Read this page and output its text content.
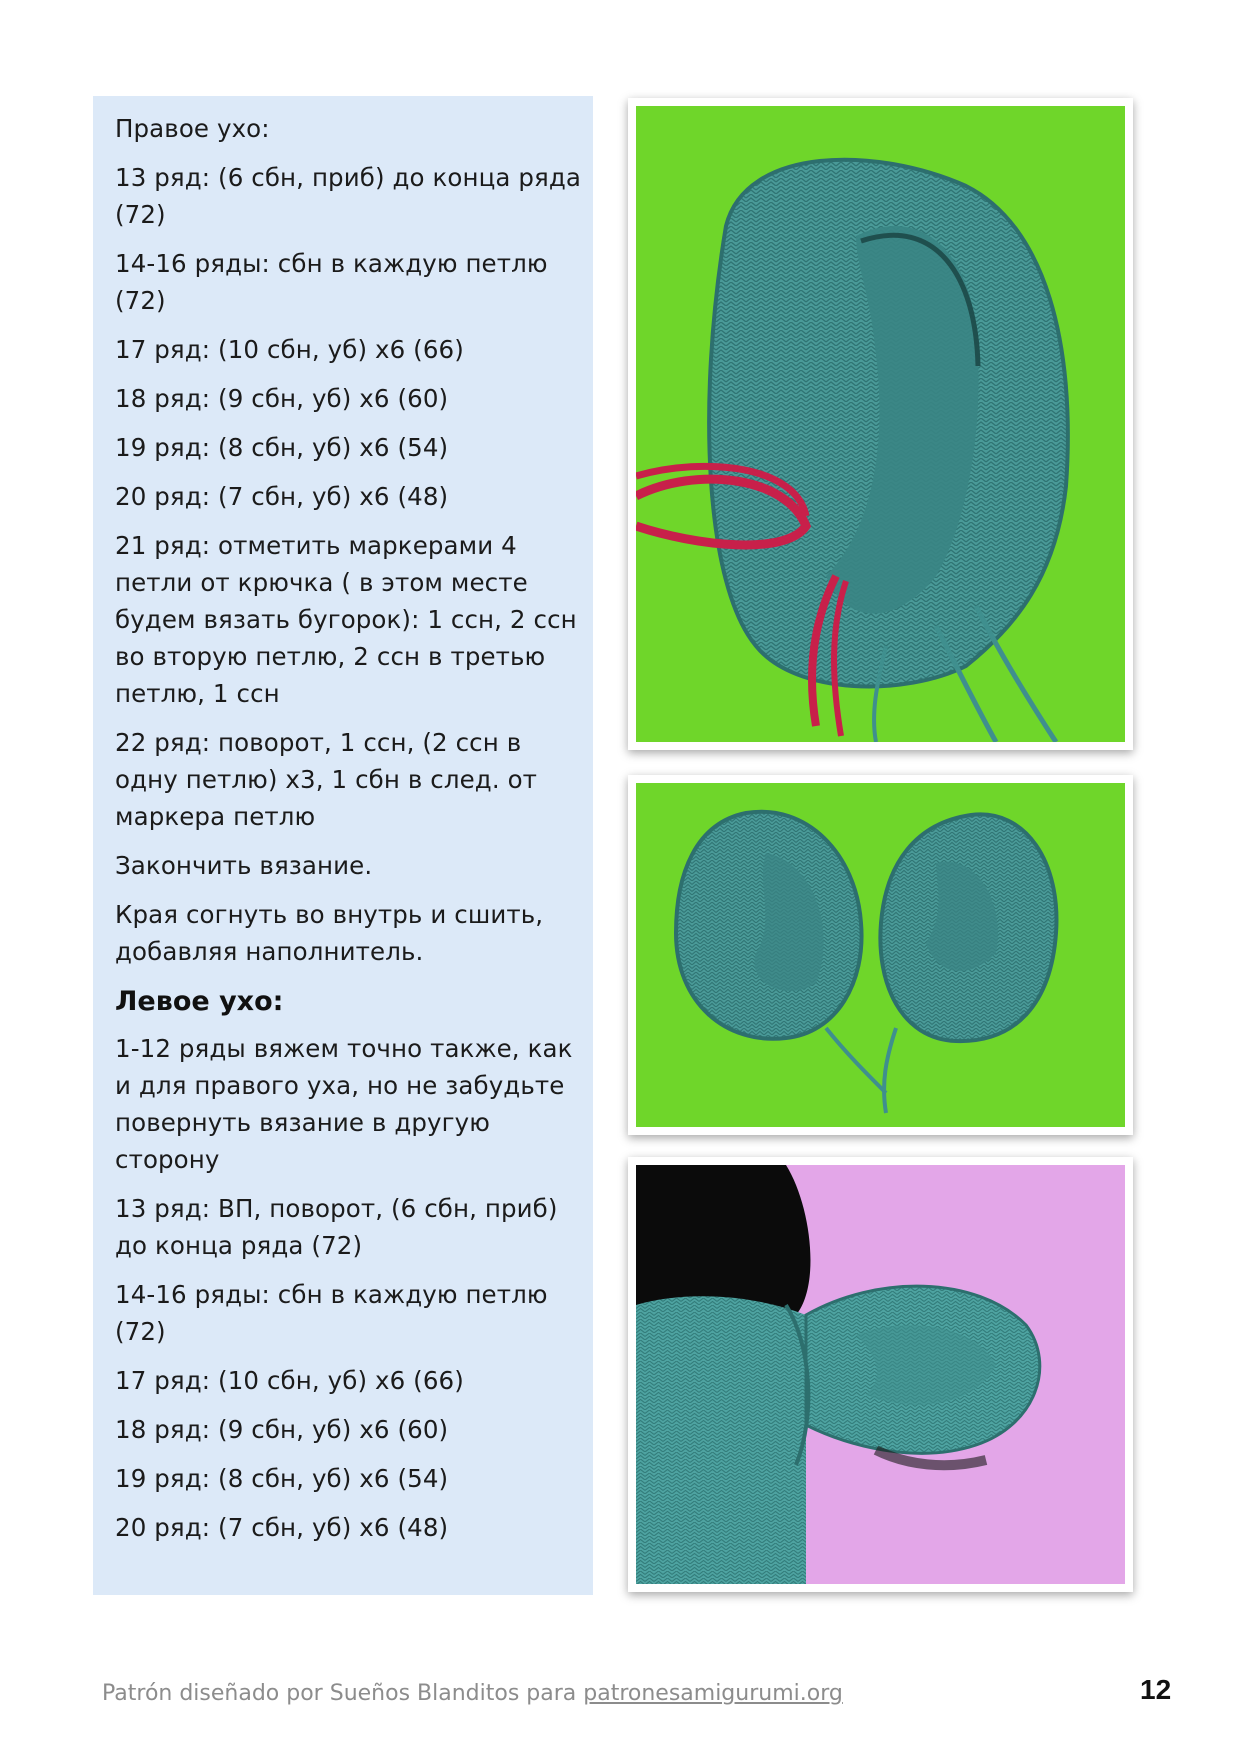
Правое ухо:

13 ряд: (6 сбн, приб) до конца ряда (72)

14-16 ряды: сбн в каждую петлю (72)

17 ряд: (10 сбн, уб) х6 (66)

18 ряд: (9 сбн, уб) х6 (60)

19 ряд: (8 сбн, уб) х6 (54)

20 ряд: (7 сбн, уб) х6 (48)

21 ряд: отметить маркерами 4 петли от крючка ( в этом месте будем вязать бугорок): 1 ссн, 2 ссн во вторую петлю, 2 ссн в третью петлю, 1 ссн

22 ряд: поворот, 1 ссн, (2 ссн в одну петлю) х3, 1 сбн в след. от маркера петлю

Закончить вязание.

Края согнуть во внутрь и сшить, добавляя наполнитель.

Левое ухо:

1-12 ряды вяжем точно также, как и для правого уха, но не забудьте повернуть вязание в другую сторону

13 ряд: ВП, поворот, (6 сбн, приб) до конца ряда (72)

14-16 ряды: сбн в каждую петлю (72)

17 ряд: (10 сбн, уб) х6 (66)

18 ряд: (9 сбн, уб) х6 (60)

19 ряд: (8 сбн, уб) х6 (54)

20 ряд: (7 сбн, уб) х6 (48)

Patrón diseñado por Sueños Blanditos para patronesamigurumi.org	12
